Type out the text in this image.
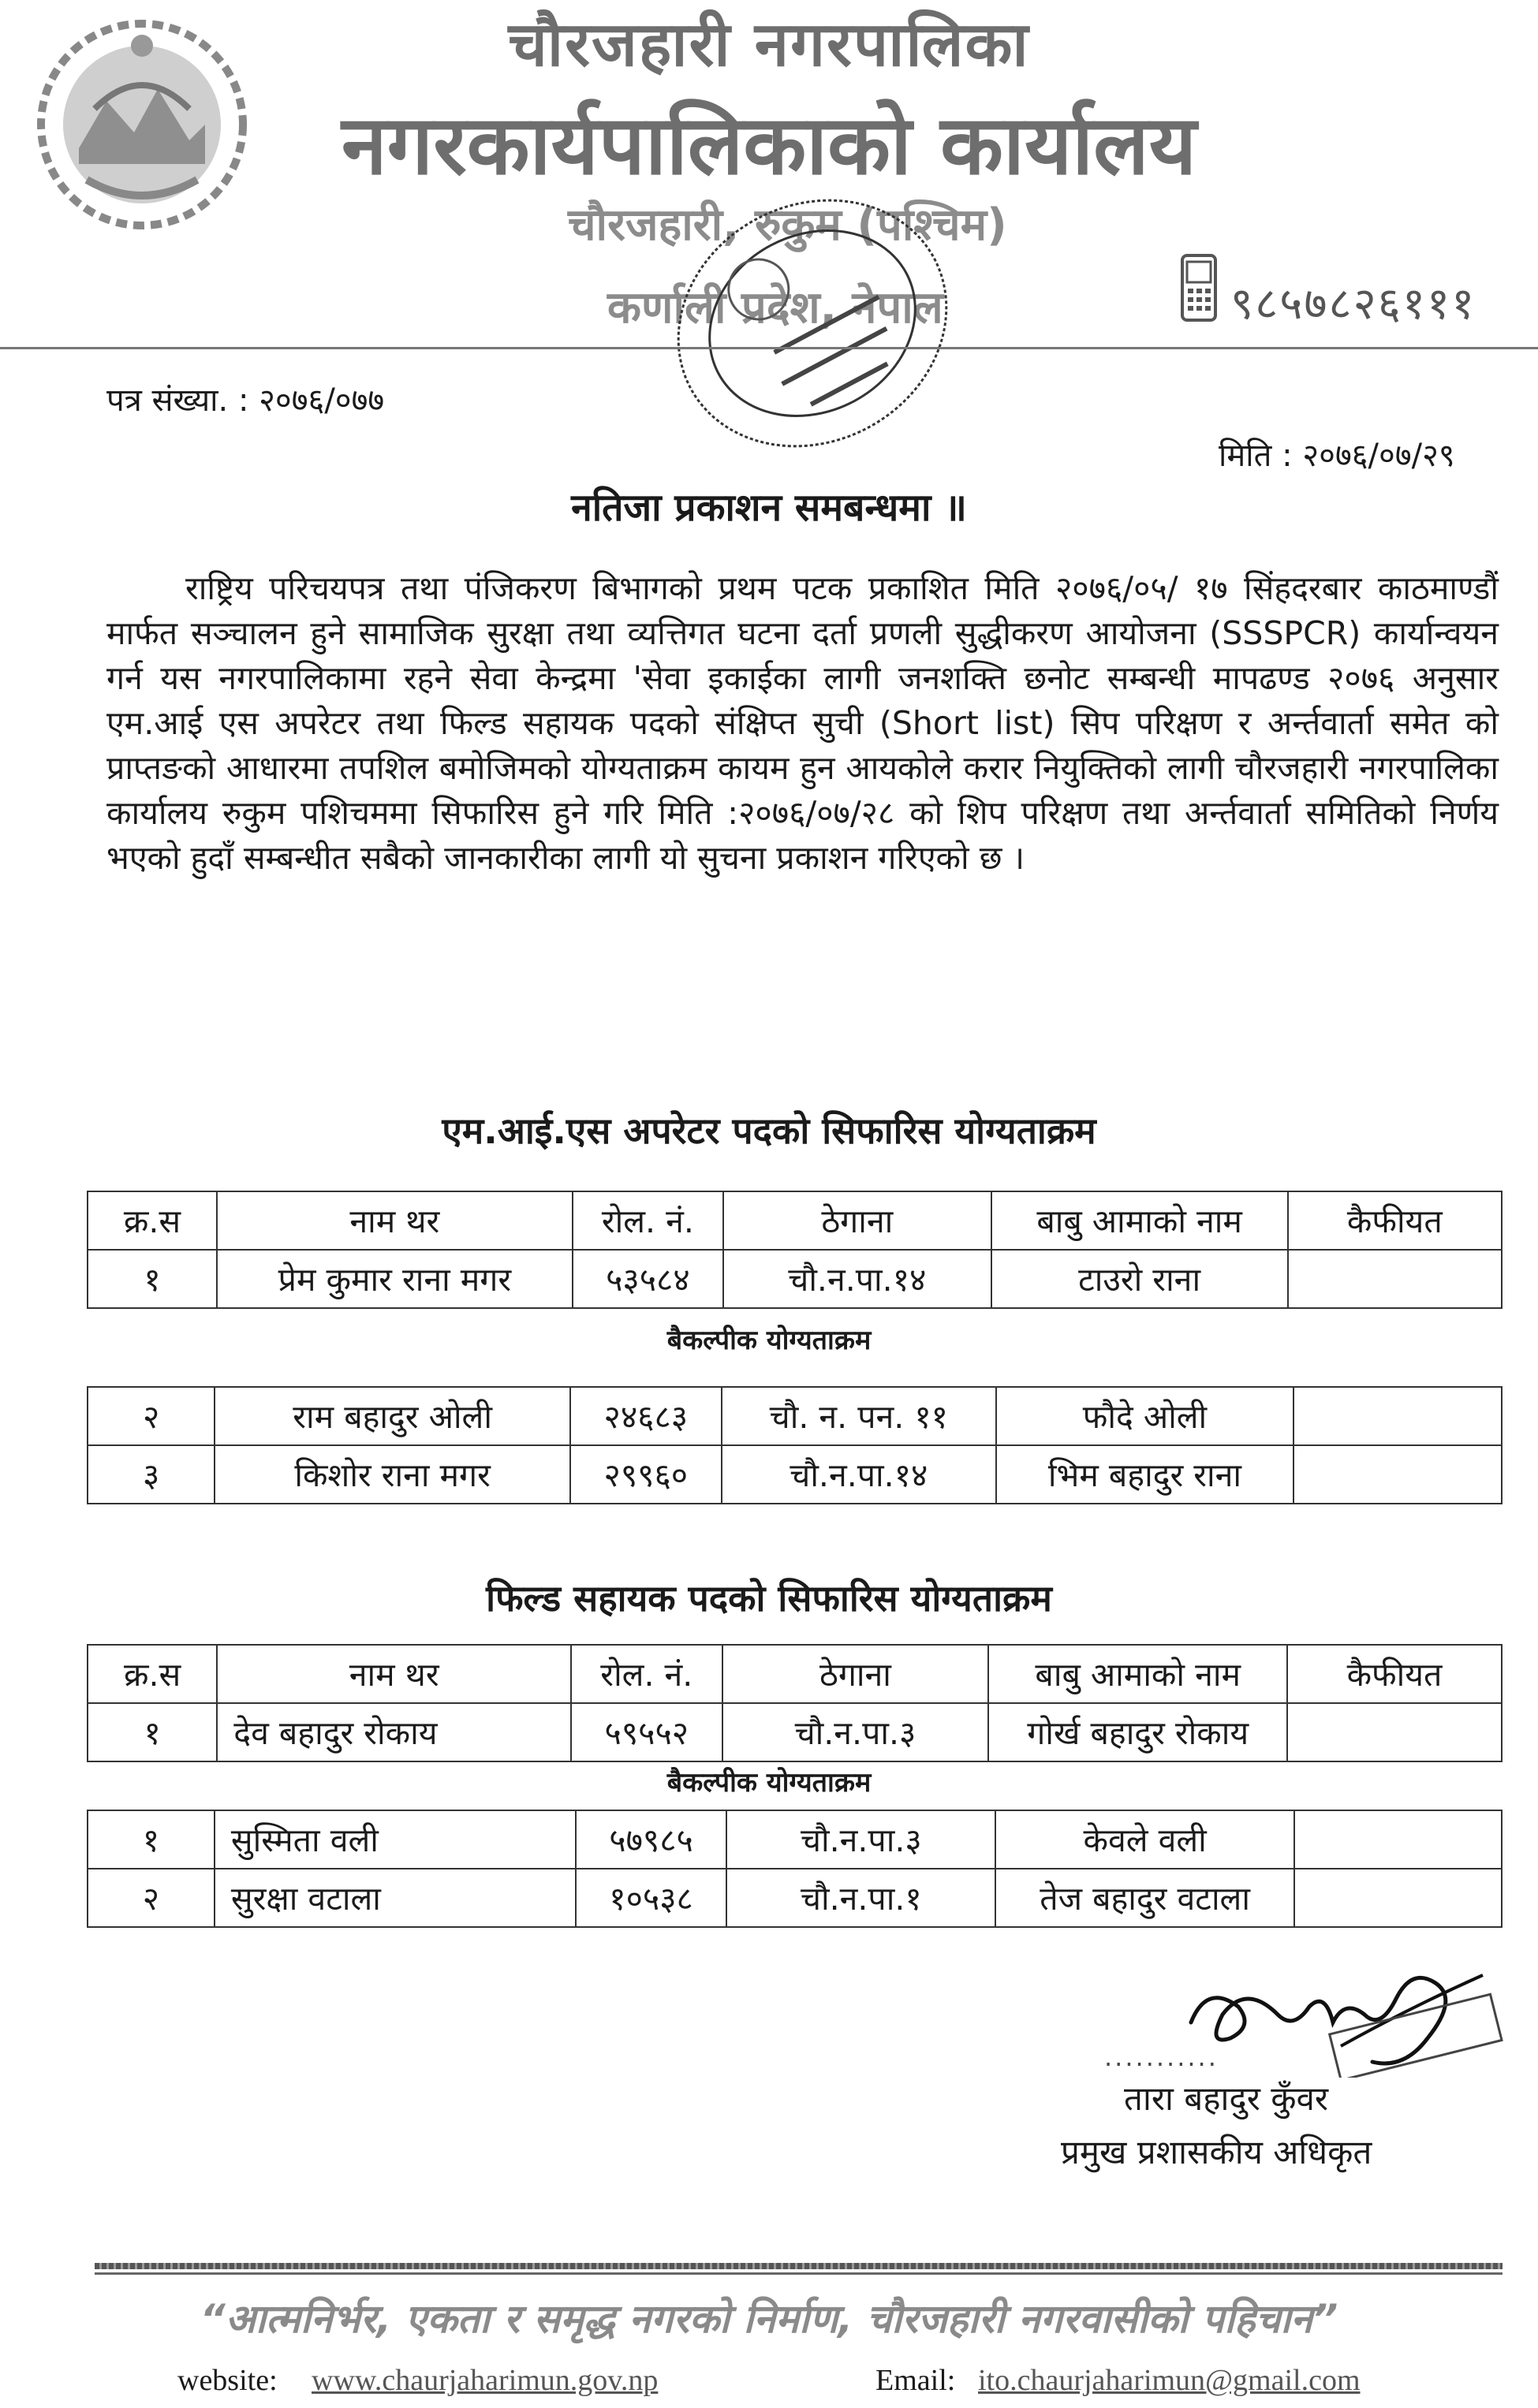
चौरजहारी नगरपालिका
नगरकार्यपालिकाको कार्यालय
चौरजहारी, रुकुम (पश्चिम)
कर्णाली प्रदेश, नेपाल	९८५७८२६१११
पत्र संख्या. : २०७६/०७७
मिति : २०७६/०७/२९
नतिजा प्रकाशन समबन्धमा ॥
राष्ट्रिय परिचयपत्र तथा पंजिकरण बिभागको प्रथम पटक प्रकाशित मिति २०७६/०५/ १७ सिंहदरबार काठमाण्डौं मार्फत सञ्चालन हुने सामाजिक सुरक्षा तथा व्यत्तिगत घटना दर्ता प्रणली सुद्धीकरण आयोजना (SSSPCR) कार्यान्वयन गर्न यस नगरपालिकामा रहने सेवा केन्द्रमा 'सेवा इकाईका लागी जनशक्ति छनोट सम्बन्धी मापढण्ड २०७६ अनुसार एम.आई एस अपरेटर तथा फिल्ड सहायक पदको संक्षिप्त सुची (Short list) सिप परिक्षण र अर्न्तवार्ता समेत को प्राप्तङको आधारमा तपशिल बमोजिमको योग्यताक्रम कायम हुन आयकोले करार नियुक्तिको लागी चौरजहारी नगरपालिका कार्यालय रुकुम पशिचममा सिफारिस हुने गरि मिति :२०७६/०७/२८ को शिप परिक्षण तथा अर्न्तवार्ता समितिको निर्णय भएको हुदाँ सम्बन्धीत सबैको जानकारीका लागी यो सुचना प्रकाशन गरिएको छ ।
एम.आई.एस अपरेटर पदको सिफारिस योग्यताक्रम
क्र.स	नाम थर	रोल. नं.	ठेगाना	बाबु आमाको नाम	कैफीयत
१	प्रेम कुमार राना मगर	५३५८४	चौ.न.पा.१४	टाउरो राना	
बैकल्पीक योग्यताक्रम
२	राम बहादुर ओली	२४६८३	चौ. न. पन. ११	फौदे ओली	
३	किशोर राना मगर	२९९६०	चौ.न.पा.१४	भिम बहादुर राना	
फिल्ड सहायक पदको सिफारिस योग्यताक्रम
क्र.स	नाम थर	रोल. नं.	ठेगाना	बाबु आमाको नाम	कैफीयत
१	देव बहादुर रोकाय	५९५५२	चौ.न.पा.३	गोर्ख बहादुर रोकाय	
बैकल्पीक योग्यताक्रम
१	सुस्मिता वली	५७९८५	चौ.न.पा.३	केवले वली	
२	सुरक्षा वटाला	१०५३८	चौ.न.पा.१	तेज बहादुर वटाला	
...........
तारा बहादुर कुँवर
प्रमुख प्रशासकीय अधिकृत
“आत्मनिर्भर, एकता र समृद्ध नगरको निर्माण, चौरजहारी नगरवासीको पहिचान”
website: www.chaurjaharimun.gov.np	Email: ito.chaurjaharimun@gmail.com
